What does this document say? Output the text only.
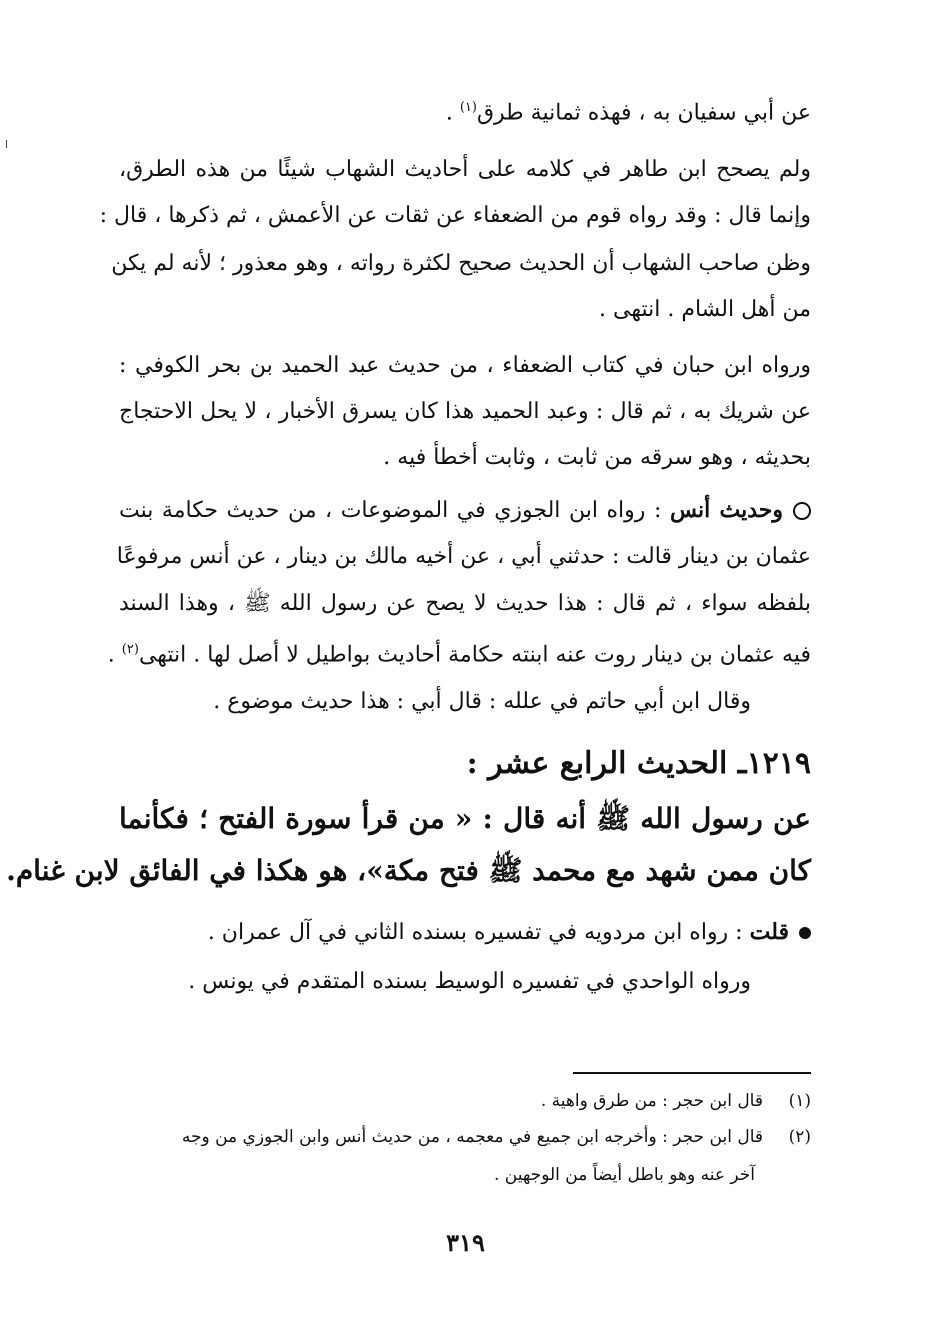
عن أبي سفيان به ، فهذه ثمانية طرق$^{(١)}$ .
ولم يصحح ابن طاهر في كلامه على أحاديث الشهاب شيئًا من هذه الطرق،
وإنما قال : وقد رواه قوم من الضعفاء عن ثقات عن الأعمش ، ثم ذكرها ، قال :
وظن صاحب الشهاب أن الحديث صحيح لكثرة رواته ، وهو معذور ؛ لأنه لم يكن
من أهل الشام . انتهى .
ورواه ابن حبان في كتاب الضعفاء ، من حديث عبد الحميد بن بحر الكوفي :
عن شريك به ، ثم قال : وعبد الحميد هذا كان يسرق الأخبار ، لا يحل الاحتجاج
بحديثه ، وهو سرقه من ثابت ، وثابت أخطأ فيه .
وحديث أنس : رواه ابن الجوزي في الموضوعات ، من حديث حكامة بنت
عثمان بن دينار قالت : حدثني أبي ، عن أخيه مالك بن دينار ، عن أنس مرفوعًا
بلفظه سواء ، ثم قال : هذا حديث لا يصح عن رسول الله ﷺ ، وهذا السند
فيه عثمان بن دينار روت عنه ابنته حكامة أحاديث بواطيل لا أصل لها . انتهى$^{(٢)}$ .
وقال ابن أبي حاتم في علله : قال أبي : هذا حديث موضوع .
١٢١٩ـ الحديث الرابع عشر :
عن رسول الله ﷺ أنه قال : « من قرأ سورة الفتح ؛ فكأنما
كان ممن شهد مع محمد ﷺ فتح مكة»، هو هكذا في الفائق لابن غنام.
قلت : رواه ابن مردويه في تفسيره بسنده الثاني في آل عمران .
ورواه الواحدي في تفسيره الوسيط بسنده المتقدم في يونس .
(١)قال ابن حجر : من طرق واهية .
(٢)قال ابن حجر : وأخرجه ابن جميع في معجمه ، من حديث أنس وابن الجوزي من وجه
آخر عنه وهو باطل أيضاً من الوجهين .
٣١٩
